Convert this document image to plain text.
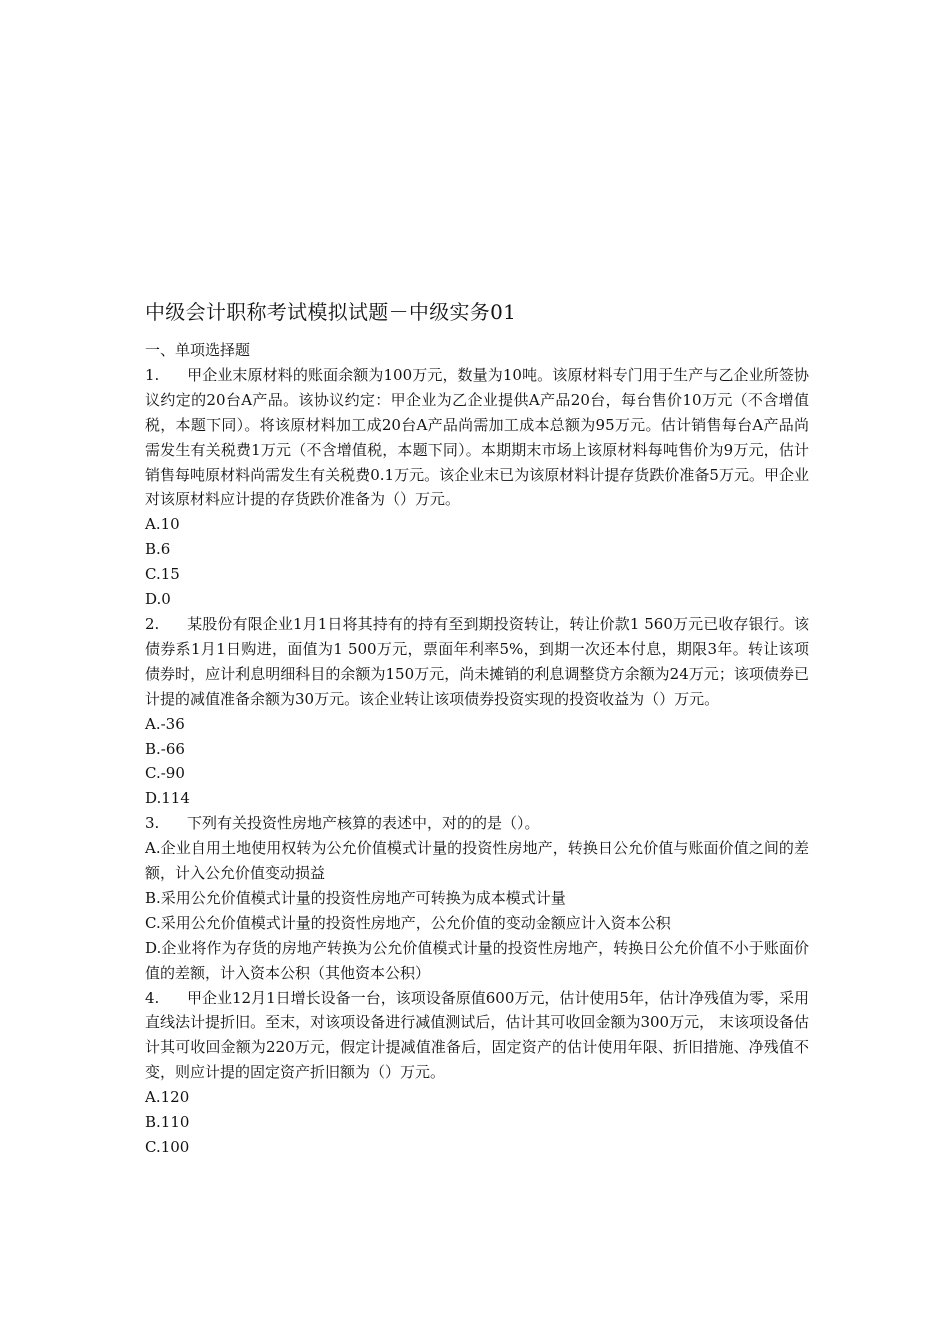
中级会计职称考试模拟试题－中级实务01
一、单项选择题
1. 甲企业末原材料的账面余额为100万元，数量为10吨。该原材料专门用于生产与乙企业所签协议约定的20台A产品。该协议约定：甲企业为乙企业提供A产品20台，每台售价10万元（不含增值税，本题下同）。将该原材料加工成20台A产品尚需加工成本总额为95万元。估计销售每台A产品尚需发生有关税费1万元（不含增值税，本题下同）。本期期末市场上该原材料每吨售价为9万元，估计销售每吨原材料尚需发生有关税费0.1万元。该企业末已为该原材料计提存货跌价准备5万元。甲企业对该原材料应计提的存货跌价准备为（）万元。
A.10
B.6
C.15
D.0
2. 某股份有限企业1月1日将其持有的持有至到期投资转让，转让价款1 560万元已收存银行。该债券系1月1日购进，面值为1 500万元，票面年利率5%，到期一次还本付息，期限3年。转让该项债券时，应计利息明细科目的余额为150万元，尚未摊销的利息调整贷方余额为24万元；该项债券已计提的减值准备余额为30万元。该企业转让该项债券投资实现的投资收益为（）万元。
A.-36
B.-66
C.-90
D.114
3. 下列有关投资性房地产核算的表述中，对的的是（）。
A.企业自用土地使用权转为公允价值模式计量的投资性房地产，转换日公允价值与账面价值之间的差额，计入公允价值变动损益
B.采用公允价值模式计量的投资性房地产可转换为成本模式计量
C.采用公允价值模式计量的投资性房地产，公允价值的变动金额应计入资本公积
D.企业将作为存货的房地产转换为公允价值模式计量的投资性房地产，转换日公允价值不小于账面价值的差额，计入资本公积（其他资本公积）
4. 甲企业12月1日增长设备一台，该项设备原值600万元，估计使用5年，估计净残值为零，采用直线法计提折旧。至末，对该项设备进行减值测试后，估计其可收回金额为300万元， 末该项设备估计其可收回金额为220万元，假定计提减值准备后，固定资产的估计使用年限、折旧措施、净残值不变，则应计提的固定资产折旧额为（）万元。
A.120
B.110
C.100
